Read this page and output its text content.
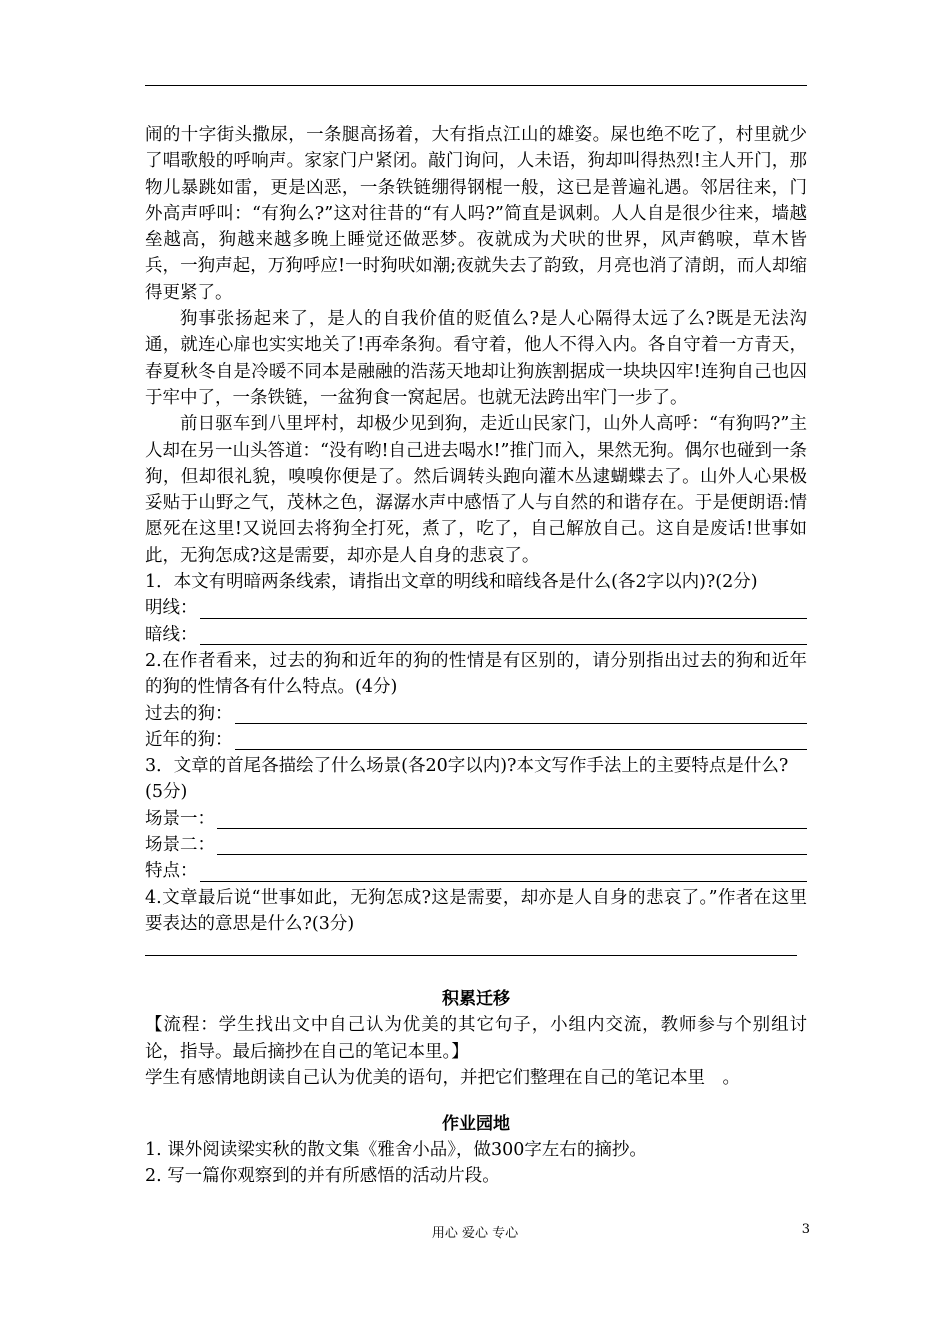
闹的十字街头撒尿，一条腿高扬着，大有指点江山的雄姿。屎也绝不吃了，村里就少了唱歌般的呼响声。家家门户紧闭。敲门询问，人未语，狗却叫得热烈!主人开门，那物儿暴跳如雷，更是凶恶，一条铁链绷得钢棍一般，这已是普遍礼遇。邻居往来，门外高声呼叫：“有狗么?”这对往昔的“有人吗?”简直是讽刺。人人自是很少往来，墙越垒越高，狗越来越多晚上睡觉还做恶梦。夜就成为犬吠的世界，风声鹤唳，草木皆兵，一狗声起，万狗呼应!一时狗吠如潮;夜就失去了韵致，月亮也消了清朗，而人却缩得更紧了。

狗事张扬起来了，是人的自我价值的贬值么?是人心隔得太远了么?既是无法沟通，就连心扉也实实地关了!再牵条狗。看守着，他人不得入内。各自守着一方青天，春夏秋冬自是冷暖不同本是融融的浩荡天地却让狗族割据成一块块囚牢!连狗自己也囚于牢中了，一条铁链，一盆狗食一窝起居。也就无法跨出牢门一步了。

前日驱车到八里坪村，却极少见到狗，走近山民家门，山外人高呼：“有狗吗?”主人却在另一山头答道：“没有哟!自己进去喝水!”推门而入，果然无狗。偶尔也碰到一条狗，但却很礼貌，嗅嗅你便是了。然后调转头跑向灌木丛逮蝴蝶去了。山外人心果极妥贴于山野之气，茂林之色，潺潺水声中感悟了人与自然的和谐存在。于是便朗语:情愿死在这里!又说回去将狗全打死，煮了，吃了，自己解放自己。这自是废话!世事如此，无狗怎成?这是需要，却亦是人自身的悲哀了。

1．本文有明暗两条线索，请指出文章的明线和暗线各是什么(各2字以内)?(2分)

明线：
暗线：

2.在作者看来，过去的狗和近年的狗的性情是有区别的，请分别指出过去的狗和近年的狗的性情各有什么特点。(4分)

过去的狗：
近年的狗：

3．文章的首尾各描绘了什么场景(各20字以内)?本文写作手法上的主要特点是什么?

(5分)

场景一：
场景二：
特点：

4.文章最后说“世事如此，无狗怎成?这是需要，却亦是人自身的悲哀了。”作者在这里要表达的意思是什么?(3分)

积累迁移

【流程：学生找出文中自己认为优美的其它句子，小组内交流，教师参与个别组讨论，指导。最后摘抄在自己的笔记本里。】

学生有感情地朗读自己认为优美的语句，并把它们整理在自己的笔记本里　。

作业园地

1. 课外阅读梁实秋的散文集《雅舍小品》，做300字左右的摘抄。

2. 写一篇你观察到的并有所感悟的活动片段。

用心 爱心 专心	3
